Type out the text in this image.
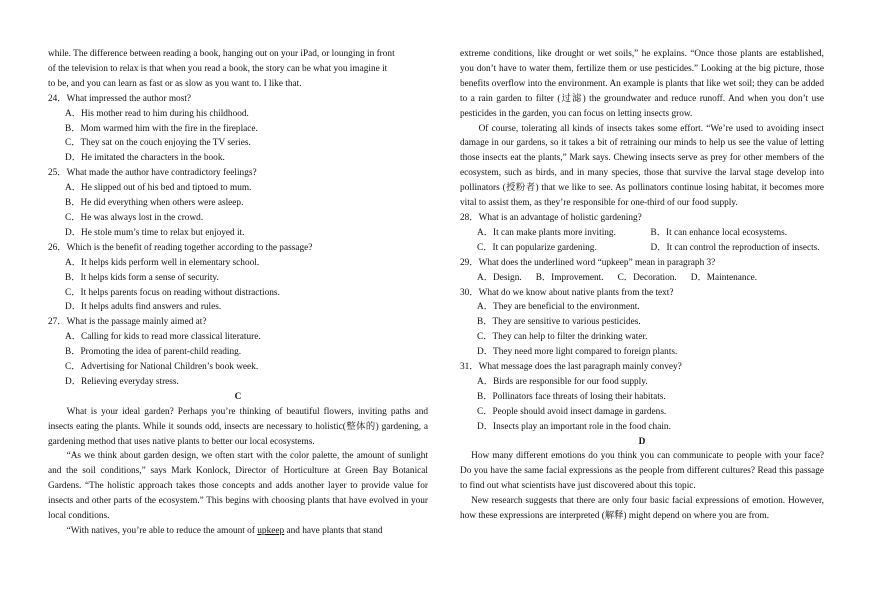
while. The difference between reading a book, hanging out on your iPad, or lounging in front

of the television to relax is that when you read a book, the story can be what you imagine it

to be, and you can learn as fast or as slow as you want to. I like that.

24．What impressed the author most?

A．His mother read to him during his childhood.

B．Mom warmed him with the fire in the fireplace.

C．They sat on the couch enjoying the TV series.

D．He imitated the characters in the book.

25．What made the author have contradictory feelings?

A．He slipped out of his bed and tiptoed to mum.

B．He did everything when others were asleep.

C．He was always lost in the crowd.

D．He stole mum’s time to relax but enjoyed it.

26．Which is the benefit of reading together according to the passage?

A．It helps kids perform well in elementary school.

B．It helps kids form a sense of security.

C．It helps parents focus on reading without distractions.

D．It helps adults find answers and rules.

27．What is the passage mainly aimed at?

A．Calling for kids to read more classical literature.

B．Promoting the idea of parent-child reading.

C．Advertising for National Children’s book week.

D．Relieving everyday stress.

C

What is your ideal garden? Perhaps you’re thinking of beautiful flowers, inviting paths and insects eating the plants. While it sounds odd, insects are necessary to holistic(整体的) gardening, a gardening method that uses native plants to better our local ecosystems.

“As we think about garden design, we often start with the color palette, the amount of sunlight and the soil conditions,” says Mark Konlock, Director of Horticulture at Green Bay Botanical Gardens. “The holistic approach takes those concepts and adds another layer to provide value for insects and other parts of the ecosystem.” This begins with choosing plants that have evolved in your local conditions.

“With natives, you’re able to reduce the amount of upkeep and have plants that stand

extreme conditions, like drought or wet soils,” he explains. “Once those plants are established, you don’t have to water them, fertilize them or use pesticides.” Looking at the big picture, those benefits overflow into the environment. An example is plants that like wet soil; they can be added to a rain garden to filter (过滤) the groundwater and reduce runoff. And when you don’t use pesticides in the garden, you can focus on letting insects grow.

Of course, tolerating all kinds of insects takes some effort. “We’re used to avoiding insect damage in our gardens, so it takes a bit of retraining our minds to help us see the value of letting those insects eat the plants,” Mark says. Chewing insects serve as prey for other members of the ecosystem, such as birds, and in many species, those that survive the larval stage develop into pollinators (授粉者) that we like to see. As pollinators continue losing habitat, it becomes more vital to assist them, as they’re responsible for one-third of our food supply.

28．What is an advantage of holistic gardening?

A．It can make plants more inviting.	B．It can enhance local ecosystems.
C．It can popularize gardening.	D．It can control the reproduction of insects.

29．What does the underlined word “upkeep” mean in paragraph 3?

A．Design. B．Improvement. C．Decoration. D．Maintenance.

30．What do we know about native plants from the text?

A．They are beneficial to the environment.

B．They are sensitive to various pesticides.

C．They can help to filter the drinking water.

D．They need more light compared to foreign plants.

31．What message does the last paragraph mainly convey?

A．Birds are responsible for our food supply.

B．Pollinators face threats of losing their habitats.

C．People should avoid insect damage in gardens.

D．Insects play an important role in the food chain.

D

How many different emotions do you think you can communicate to people with your face? Do you have the same facial expressions as the people from different cultures? Read this passage to find out what scientists have just discovered about this topic.

New research suggests that there are only four basic facial expressions of emotion. However, how these expressions are interpreted (解释) might depend on where you are from.
